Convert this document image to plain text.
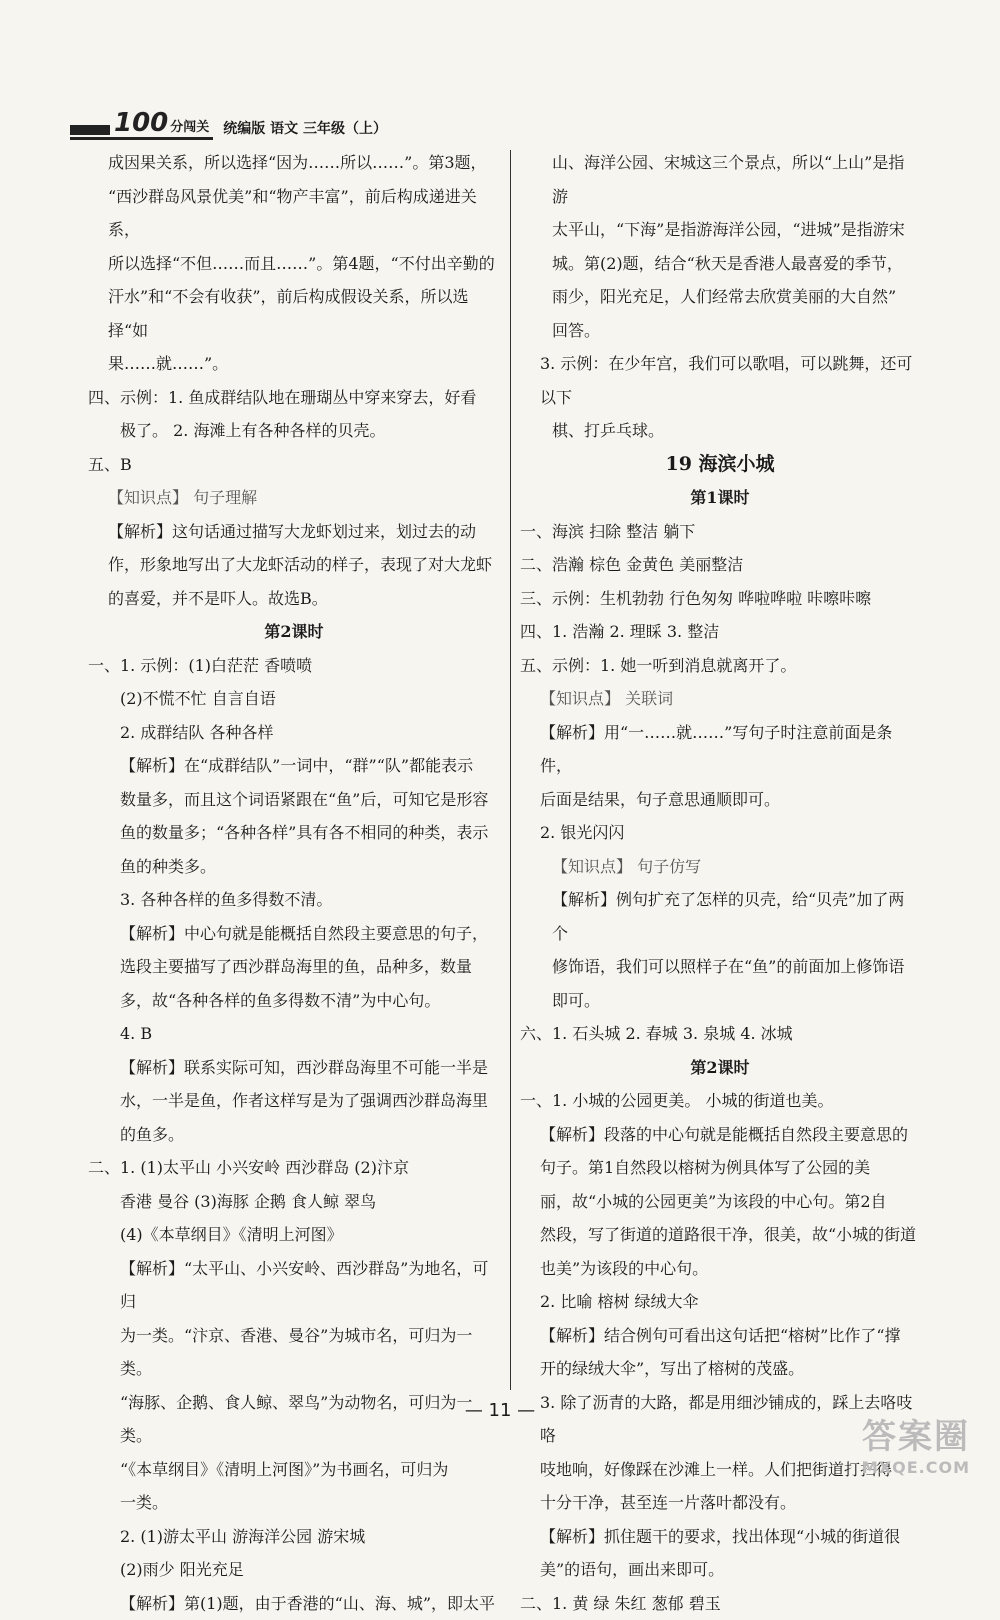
100 分闯关 统编版 语文 三年级（上）
成因果关系，所以选择“因为……所以……”。第3题，
“西沙群岛风景优美”和“物产丰富”，前后构成递进关系，
所以选择“不但……而且……”。第4题，“不付出辛勤的
汗水”和“不会有收获”，前后构成假设关系，所以选择“如
果……就……”。
四、示例：1. 鱼成群结队地在珊瑚丛中穿来穿去，好看
极了。 2. 海滩上有各种各样的贝壳。
五、B
【知识点】 句子理解
【解析】这句话通过描写大龙虾划过来，划过去的动
作，形象地写出了大龙虾活动的样子，表现了对大龙虾
的喜爱，并不是吓人。故选B。
第2课时
一、1. 示例：(1)白茫茫 香喷喷
(2)不慌不忙 自言自语
2. 成群结队 各种各样
【解析】在“成群结队”一词中，“群”“队”都能表示
数量多，而且这个词语紧跟在“鱼”后，可知它是形容
鱼的数量多；“各种各样”具有各不相同的种类，表示
鱼的种类多。
3. 各种各样的鱼多得数不清。
【解析】中心句就是能概括自然段主要意思的句子，
选段主要描写了西沙群岛海里的鱼，品种多，数量
多，故“各种各样的鱼多得数不清”为中心句。
4. B
【解析】联系实际可知，西沙群岛海里不可能一半是
水，一半是鱼，作者这样写是为了强调西沙群岛海里
的鱼多。
二、1. (1)太平山 小兴安岭 西沙群岛 (2)汴京
香港 曼谷 (3)海豚 企鹅 食人鲸 翠鸟
(4)《本草纲目》《清明上河图》
【解析】“太平山、小兴安岭、西沙群岛”为地名，可归
为一类。“汴京、香港、曼谷”为城市名，可归为一类。
“海豚、企鹅、食人鲸、翠鸟”为动物名，可归为一类。
“《本草纲目》《清明上河图》”为书画名，可归为
一类。
2. (1)游太平山 游海洋公园 游宋城
(2)雨少 阳光充足
【解析】第(1)题，由于香港的“山、海、城”，即太平
山、海洋公园、宋城这三个景点，所以“上山”是指游
太平山，“下海”是指游海洋公园，“进城”是指游宋
城。第(2)题，结合“秋天是香港人最喜爱的季节，
雨少，阳光充足，人们经常去欣赏美丽的大自然”
回答。
3. 示例：在少年宫，我们可以歌唱，可以跳舞，还可以下
棋、打乒乓球。
19 海滨小城
第1课时
一、海滨 扫除 整洁 躺下
二、浩瀚 棕色 金黄色 美丽整洁
三、示例：生机勃勃 行色匆匆 哗啦哗啦 咔嚓咔嚓
四、1. 浩瀚 2. 理睬 3. 整洁
五、示例：1. 她一听到消息就离开了。
【知识点】 关联词
【解析】用“一……就……”写句子时注意前面是条件，
后面是结果，句子意思通顺即可。
2. 银光闪闪
【知识点】 句子仿写
【解析】例句扩充了怎样的贝壳，给“贝壳”加了两个
修饰语，我们可以照样子在“鱼”的前面加上修饰语
即可。
六、1. 石头城 2. 春城 3. 泉城 4. 冰城
第2课时
一、1. 小城的公园更美。 小城的街道也美。
【解析】段落的中心句就是能概括自然段主要意思的
句子。第1自然段以榕树为例具体写了公园的美
丽，故“小城的公园更美”为该段的中心句。第2自
然段，写了街道的道路很干净，很美，故“小城的街道
也美”为该段的中心句。
2. 比喻 榕树 绿绒大伞
【解析】结合例句可看出这句话把“榕树”比作了“撑
开的绿绒大伞”，写出了榕树的茂盛。
3. 除了沥青的大路，都是用细沙铺成的，踩上去咯吱咯
吱地响，好像踩在沙滩上一样。人们把街道打扫得
十分干净，甚至连一片落叶都没有。
【解析】抓住题干的要求，找出体现“小城的街道很
美”的语句，画出来即可。
二、1. 黄 绿 朱红 葱郁 碧玉
— 11 —
答案圈
MXQE.COM
